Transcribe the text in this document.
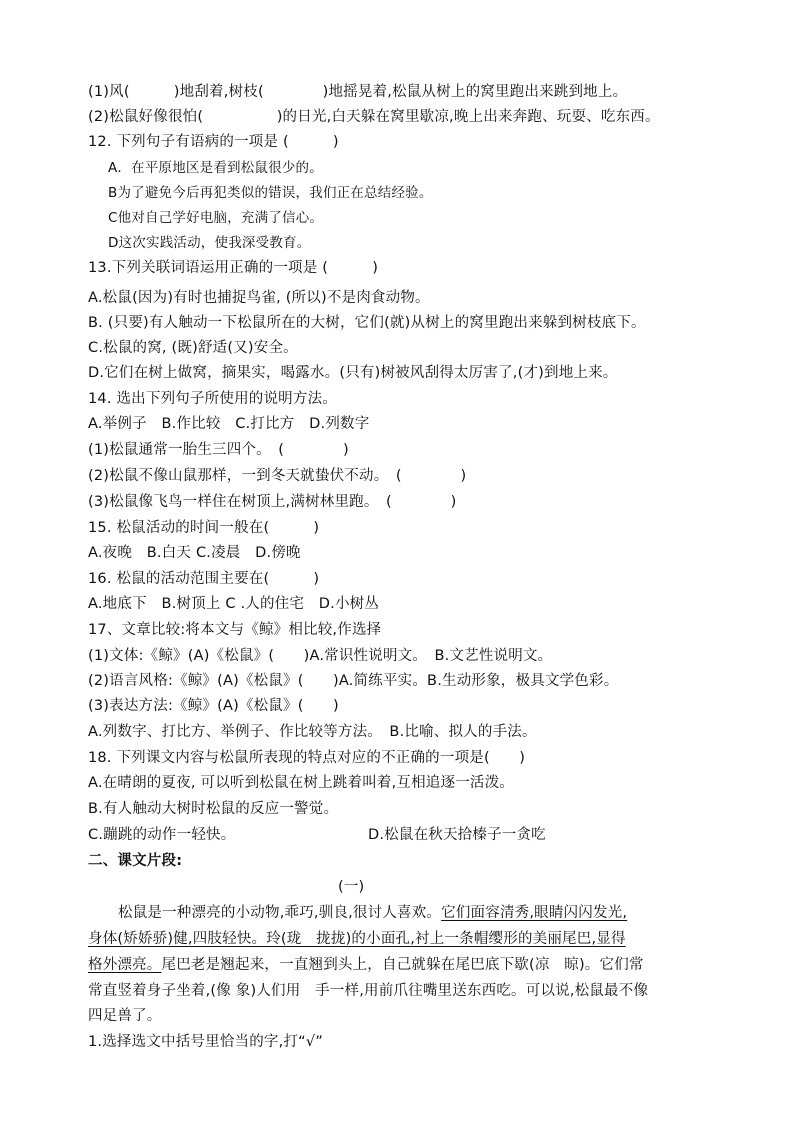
(1)风(　　　)地刮着,树枝(　　　　)地摇晃着,松鼠从树上的窝里跑出来跳到地上。
(2)松鼠好像很怕(　　　　　)的日光,白天躲在窝里歇凉,晚上出来奔跑、玩耍、吃东西。
12. 下列句子有语病的一项是 (　　　)
A．在平原地区是看到松鼠很少的。
B为了避免今后再犯类似的错误，我们正在总结经验。
C他对自己学好电脑，充满了信心。
D这次实践活动，使我深受教育。
13.下列关联词语运用正确的一项是 (　　　)
A.松鼠(因为)有时也捕捉鸟雀, (所以)不是肉食动物。
B. (只要)有人触动一下松鼠所在的大树，它们(就)从树上的窝里跑出来躲到树枝底下。
C.松鼠的窝, (既)舒适(又)安全。
D.它们在树上做窝，摘果实，喝露水。(只有)树被风刮得太厉害了,(才)到地上来。
14. 选出下列句子所使用的说明方法。
A.举例子　B.作比较　C.打比方　D.列数字
(1)松鼠通常一胎生三四个。　(　　　　)
(2)松鼠不像山鼠那样，一到冬天就蛰伏不动。　(　　　　)
(3)松鼠像飞鸟一样住在树顶上,满树林里跑。　(　　　　)
15. 松鼠活动的时间一般在(　　　)
A.夜晚　B.白天 C.凌晨　D.傍晚
16. 松鼠的活动范围主要在(　　　)
A.地底下　B.树顶上 C .人的住宅　D.小树丛
17、文章比较:将本文与《鲸》相比较,作选择
(1)文体:《鲸》(A)《松鼠》(　　)A.常识性说明文。　B.文艺性说明文。
(2)语言风格:《鲸》(A)《松鼠》(　　)A.简练平实。B.生动形象，极具文学色彩。
(3)表达方法:《鲸》(A)《松鼠》(　　)
A.列数字、打比方、举例子、作比较等方法。　B.比喻、拟人的手法。
18. 下列课文内容与松鼠所表现的特点对应的不正确的一项是(　　)
A.在晴朗的夏夜, 可以听到松鼠在树上跳着叫着,互相追逐一活泼。
B.有人触动大树时松鼠的反应一警觉。
C.蹦跳的动作一轻快。	D.松鼠在秋天拾榛子一贪吃
二、课文片段:
(一)
松鼠是一种漂亮的小动物,乖巧,驯良,很讨人喜欢。它们面容清秀,眼睛闪闪发光,
身体(矫娇骄)健,四肢轻快。玲(珑　拢拢)的小面孔,衬上一条帽缨形的美丽尾巴,显得
格外漂亮。尾巴老是翘起来，一直翘到头上，自己就躲在尾巴底下歇(凉　晾)。它们常
常直竖着身子坐着,(像 象)人们用　手一样,用前爪往嘴里送东西吃。可以说,松鼠最不像
四足兽了。
1.选择选文中括号里恰当的字,打“√”
